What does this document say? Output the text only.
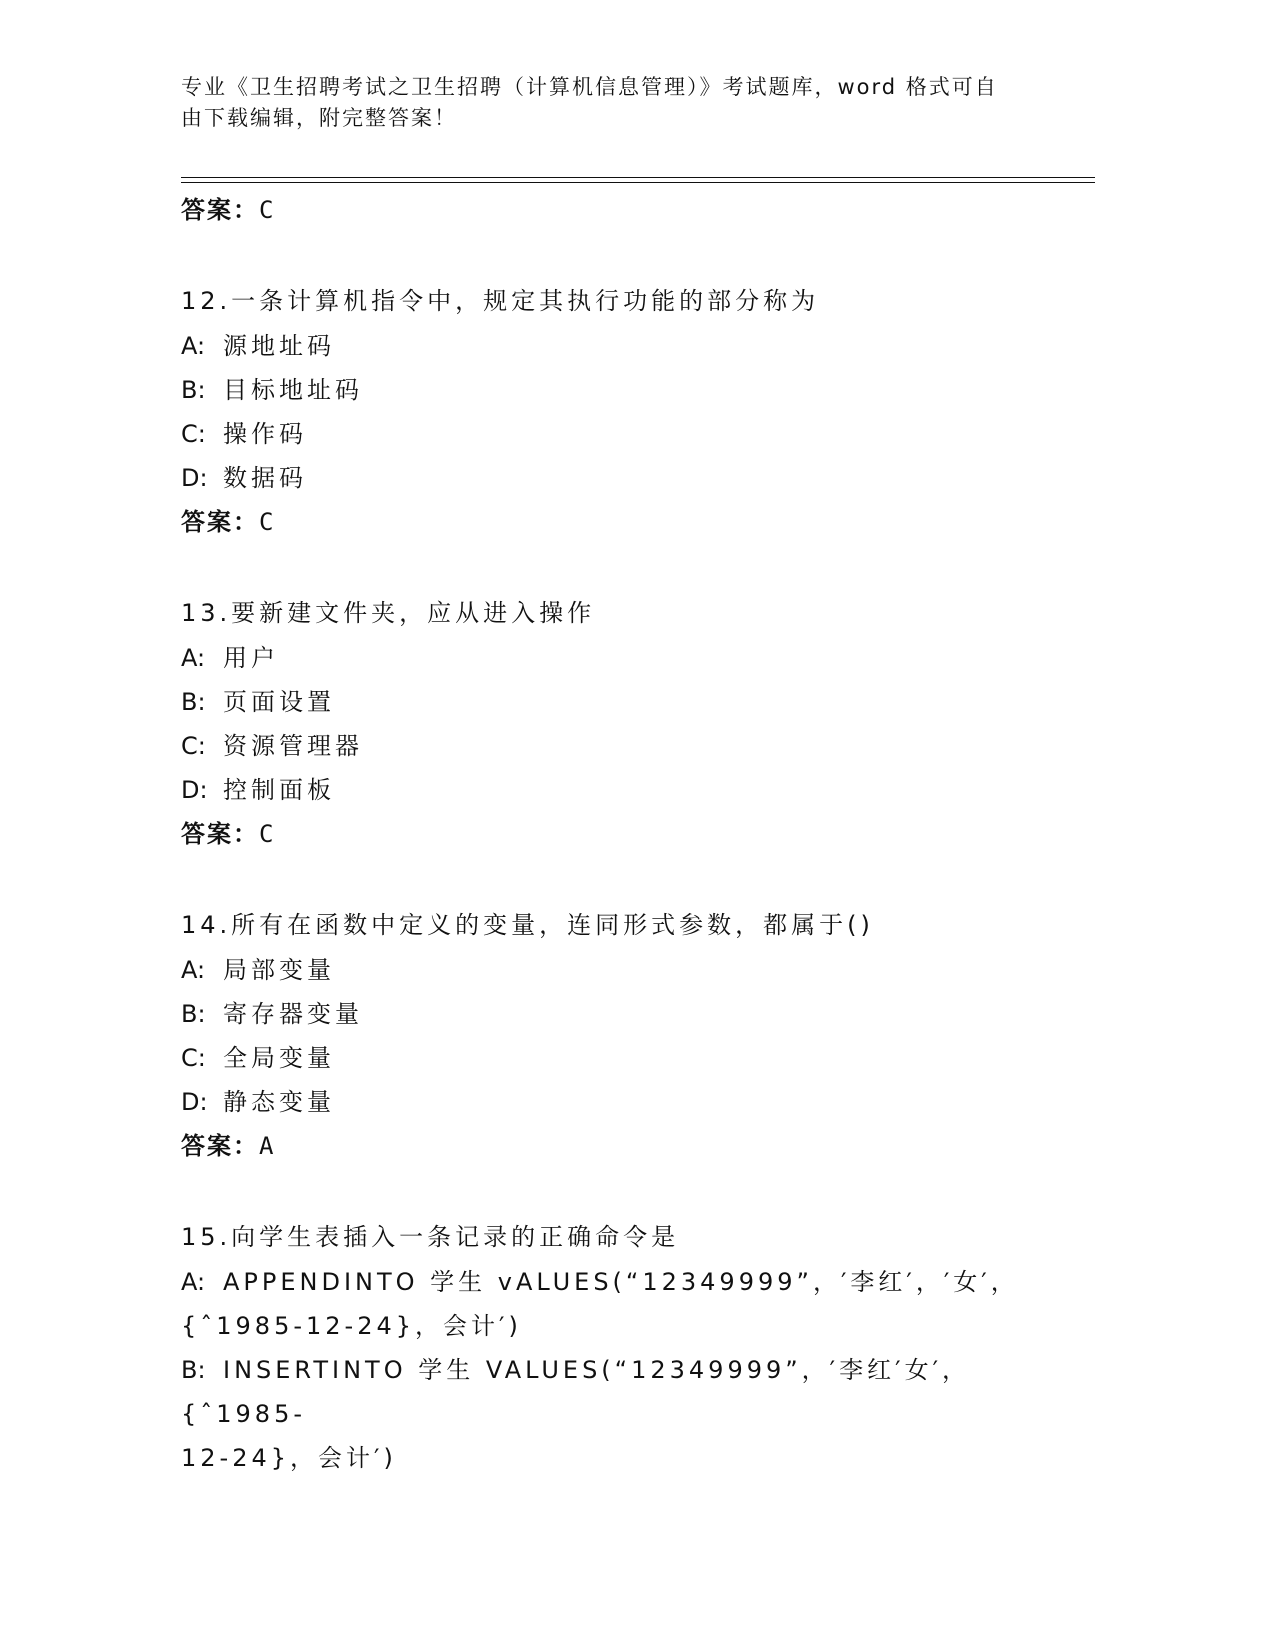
专业《卫生招聘考试之卫生招聘（计算机信息管理）》考试题库，word 格式可自
由下载编辑，附完整答案！
答案：C
12.一条计算机指令中，规定其执行功能的部分称为
A: 源地址码
B: 目标地址码
C: 操作码
D: 数据码
答案：C
13.要新建文件夹，应从进入操作
A: 用户
B: 页面设置
C: 资源管理器
D: 控制面板
答案：C
14.所有在函数中定义的变量，连同形式参数，都属于()
A: 局部变量
B: 寄存器变量
C: 全局变量
D: 静态变量
答案：A
15.向学生表插入一条记录的正确命令是
A: APPENDINTO 学生 vALUES(“12349999”，′李红′，′女′，
{ˆ1985-12-24}，会计′)
B: INSERTINTO 学生 VALUES(“12349999”，′李红′女′，{ˆ1985-
12-24}，会计′)
